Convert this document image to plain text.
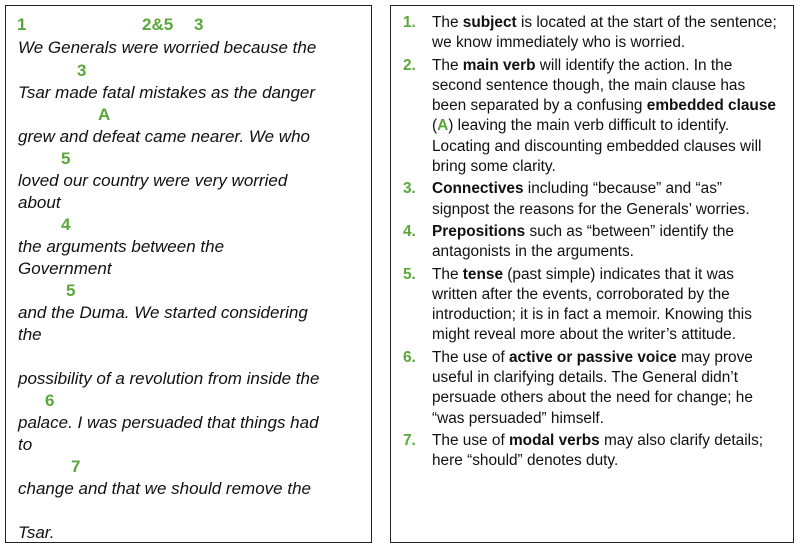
1	2&5 3
We Generals were worried because the
3
Tsar made fatal mistakes as the danger
A
grew and defeat came nearer. We who
5
loved our country were very worried
about
4
the arguments between the
Government
5
and the Duma. We started considering
the
possibility of a revolution from inside the
6
palace. I was persuaded that things had
to
7
change and that we should remove the
Tsar.
1. The subject is located at the start of the sentence; we know immediately who is worried.
2. The main verb will identify the action. In the second sentence though, the main clause has been separated by a confusing embedded clause (A) leaving the main verb difficult to identify. Locating and discounting embedded clauses will bring some clarity.
3. Connectives including “because” and “as” signpost the reasons for the Generals’ worries.
4. Prepositions such as “between” identify the antagonists in the arguments.
5. The tense (past simple) indicates that it was written after the events, corroborated by the introduction; it is in fact a memoir. Knowing this might reveal more about the writer’s attitude.
6. The use of active or passive voice may prove useful in clarifying details. The General didn’t persuade others about the need for change; he “was persuaded” himself.
7. The use of modal verbs may also clarify details; here “should” denotes duty.
